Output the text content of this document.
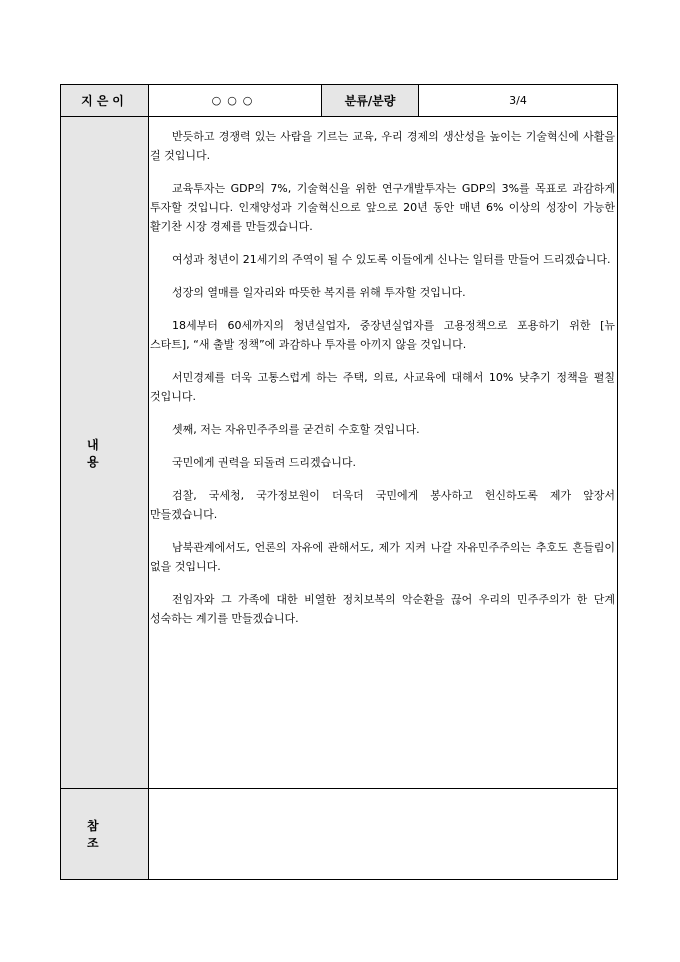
지은이	○○○	분류/분량	3/4
내용

반듯하고 경쟁력 있는 사람을 기르는 교육, 우리 경제의 생산성을 높이는 기술혁신에 사활을 걸 것입니다.

교육투자는 GDP의 7%, 기술혁신을 위한 연구개발투자는 GDP의 3%를 목표로 과감하게 투자할 것입니다. 인재양성과 기술혁신으로 앞으로 20년 동안 매년 6% 이상의 성장이 가능한 활기찬 시장 경제를 만들겠습니다.

여성과 청년이 21세기의 주역이 될 수 있도록 이들에게 신나는 일터를 만들어 드리겠습니다.

성장의 열매를 일자리와 따뜻한 복지를 위해 투자할 것입니다.

18세부터 60세까지의 청년실업자, 중장년실업자를 고용정책으로 포용하기 위한 [뉴 스타트], “새 출발 정책”에 과감하나 투자를 아끼지 않을 것입니다.

서민경제를 더욱 고통스럽게 하는 주택, 의료, 사교육에 대해서 10% 낮추기 정책을 펼칠 것입니다.

셋째, 저는 자유민주주의를 굳건히 수호할 것입니다.

국민에게 권력을 되돌려 드리겠습니다.

검찰, 국세청, 국가정보원이 더욱더 국민에게 봉사하고 헌신하도록 제가 앞장서 만들겠습니다.

남북관계에서도, 언론의 자유에 관해서도, 제가 지켜 나갈 자유민주주의는 추호도 흔들림이 없을 것입니다.

전임자와 그 가족에 대한 비열한 정치보복의 악순환을 끊어 우리의 민주주의가 한 단계 성숙하는 계기를 만들겠습니다.

참조
